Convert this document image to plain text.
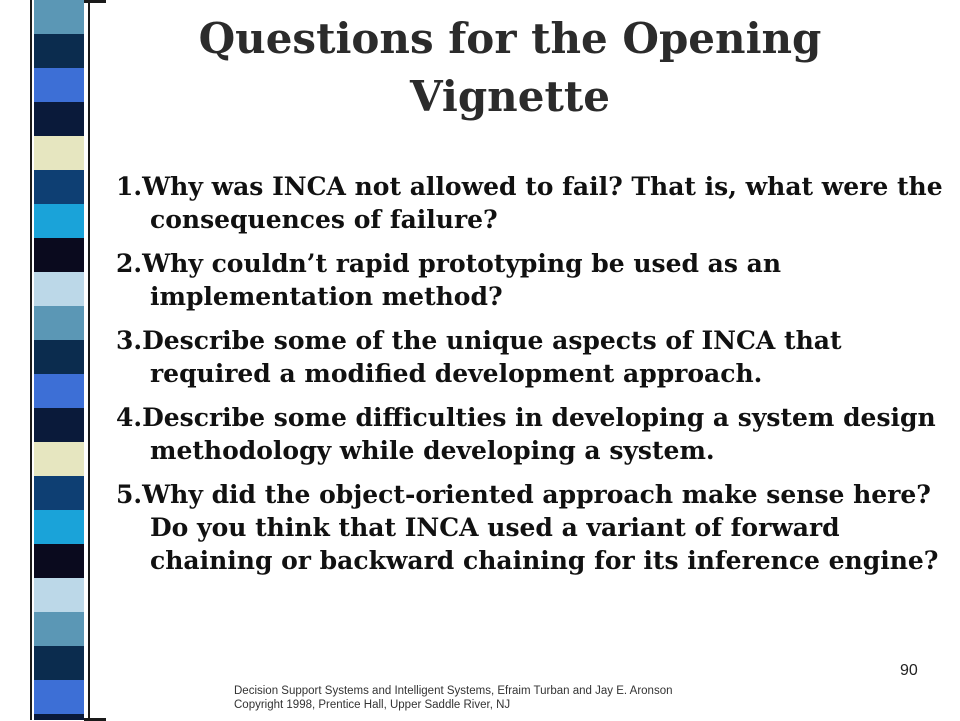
Questions for the Opening Vignette
1.Why was INCA not allowed to fail? That is, what were the consequences of failure?
2.Why couldn’t rapid prototyping be used as an implementation method?
3.Describe some of the unique aspects of INCA that required a modified development approach.
4.Describe some difficulties in developing a system design methodology while developing a system.
5.Why did the object-oriented approach make sense here? Do you think that INCA used a variant of forward chaining or backward chaining for its inference engine?
Decision Support Systems and Intelligent Systems, Efraim Turban and Jay E. Aronson
Copyright 1998, Prentice Hall, Upper Saddle River, NJ
90
